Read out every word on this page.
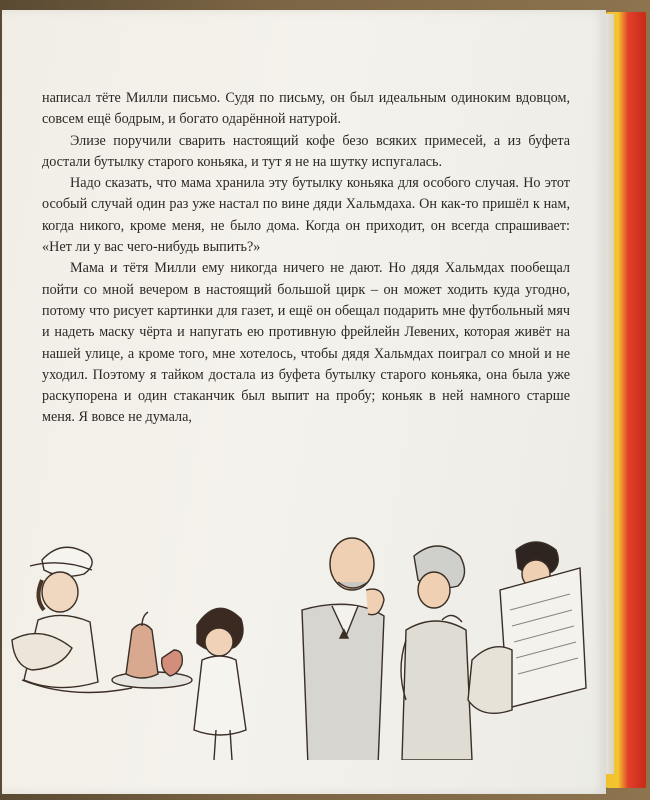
написал тёте Милли письмо. Судя по письму, он был идеальным одиноким вдовцом, совсем ещё бодрым, и богато одарённой натурой.

Элизе поручили сварить настоящий кофе безо всяких примесей, а из буфета достали бутылку старого коньяка, и тут я не на шутку испугалась.

Надо сказать, что мама хранила эту бутылку коньяка для особого случая. Но этот особый случай один раз уже настал по вине дяди Хальмдаха. Он как-то пришёл к нам, когда никого, кроме меня, не было дома. Когда он приходит, он всегда спрашивает: «Нет ли у вас чего-нибудь выпить?»

Мама и тётя Милли ему никогда ничего не дают. Но дядя Хальмдах пообещал пойти со мной вечером в настоящий большой цирк – он может ходить куда угодно, потому что рисует картинки для газет, и ещё он обещал подарить мне футбольный мяч и надеть маску чёрта и напугать ею противную фрейлейн Левених, которая живёт на нашей улице, а кроме того, мне хотелось, чтобы дядя Хальмдах поиграл со мной и не уходил. Поэтому я тайком достала из буфета бутылку старого коньяка, она была уже раскупорена и один стаканчик был выпит на пробу; коньяк в ней намного старше меня. Я вовсе не думала,
